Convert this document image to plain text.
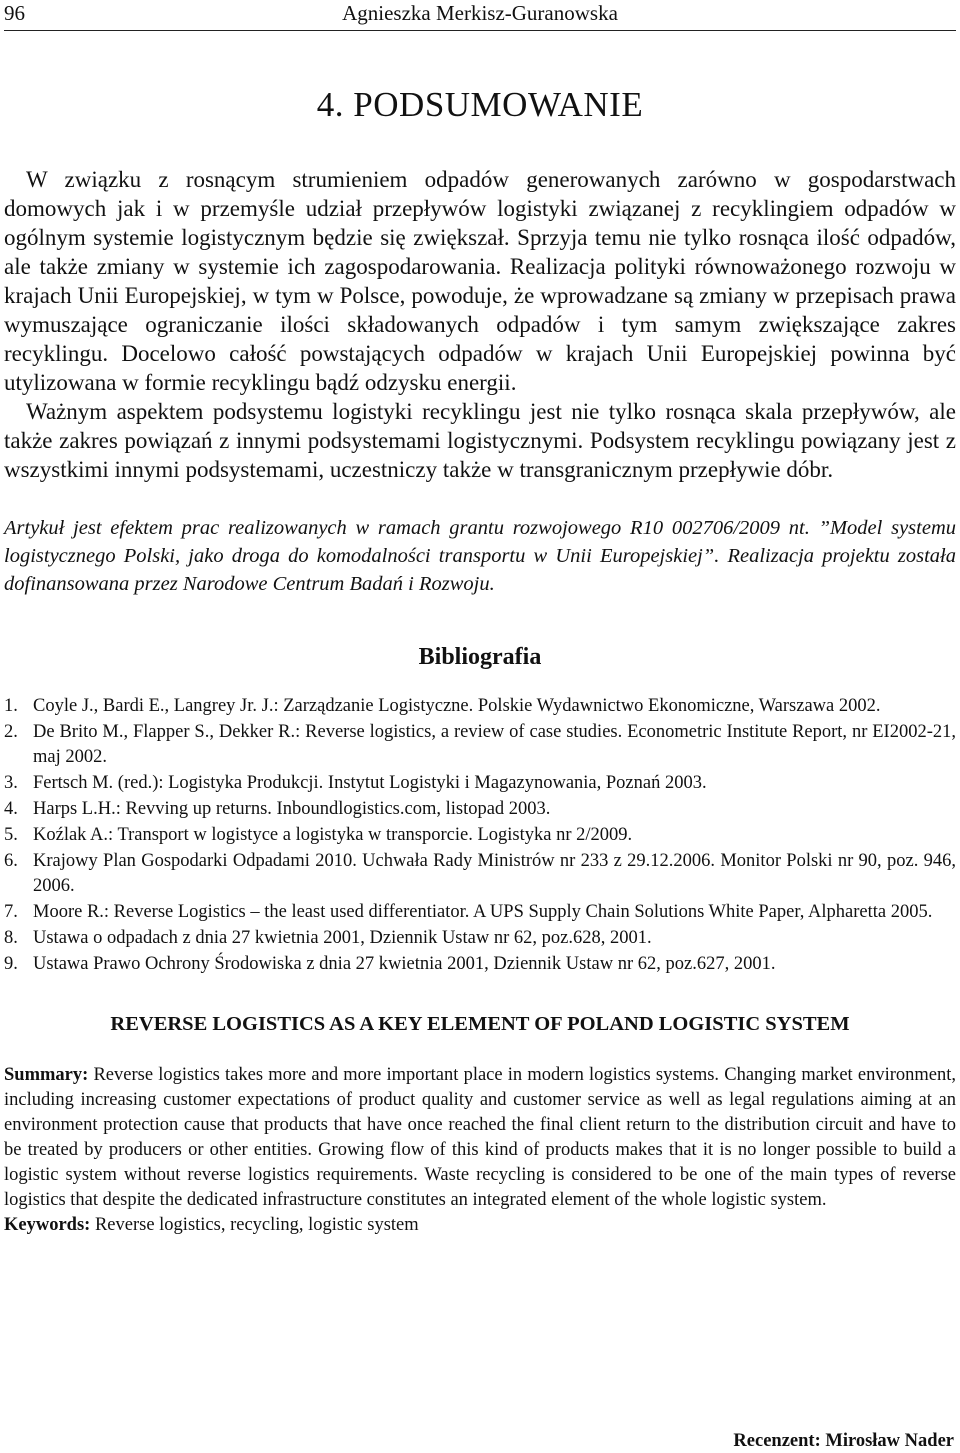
96	Agnieszka Merkisz-Guranowska
4. PODSUMOWANIE

W związku z rosnącym strumieniem odpadów generowanych zarówno w gospodarstwach domowych jak i w przemyśle udział przepływów logistyki związanej z recyklingiem odpadów w ogólnym systemie logistycznym będzie się zwiększał. Sprzyja temu nie tylko rosnąca ilość odpadów, ale także zmiany w systemie ich zagospodarowania. Realizacja polityki równoważonego rozwoju w krajach Unii Europejskiej, w tym w Polsce, powoduje, że wprowadzane są zmiany w przepisach prawa wymuszające ograniczanie ilości składowanych odpadów i tym samym zwiększające zakres recyklingu. Docelowo całość powstających odpadów w krajach Unii Europejskiej powinna być utylizowana w formie recyklingu bądź odzysku energii.

Ważnym aspektem podsystemu logistyki recyklingu jest nie tylko rosnąca skala przepływów, ale także zakres powiązań z innymi podsystemami logistycznymi. Podsystem recyklingu powiązany jest z wszystkimi innymi podsystemami, uczestniczy także w transgranicznym przepływie dóbr.

Artykuł jest efektem prac realizowanych w ramach grantu rozwojowego R10 002706/2009 nt. ”Model systemu logistycznego Polski, jako droga do komodalności transportu w Unii Europejskiej”. Realizacja projektu została dofinansowana przez Narodowe Centrum Badań i Rozwoju.

Bibliografia
1. Coyle J., Bardi E., Langrey Jr. J.: Zarządzanie Logistyczne. Polskie Wydawnictwo Ekonomiczne, Warszawa 2002.
2. De Brito M., Flapper S., Dekker R.: Reverse logistics, a review of case studies. Econometric Institute Report, nr EI2002-21, maj 2002.
3. Fertsch M. (red.): Logistyka Produkcji. Instytut Logistyki i Magazynowania, Poznań 2003.
4. Harps L.H.: Revving up returns. Inboundlogistics.com, listopad 2003.
5. Koźlak A.: Transport w logistyce a logistyka w transporcie. Logistyka nr 2/2009.
6. Krajowy Plan Gospodarki Odpadami 2010. Uchwała Rady Ministrów nr 233 z 29.12.2006. Monitor Polski nr 90, poz. 946, 2006.
7. Moore R.: Reverse Logistics – the least used differentiator. A UPS Supply Chain Solutions White Paper, Alpharetta 2005.
8. Ustawa o odpadach z dnia 27 kwietnia 2001, Dziennik Ustaw nr 62, poz.628, 2001.
9. Ustawa Prawo Ochrony Środowiska z dnia 27 kwietnia 2001, Dziennik Ustaw nr 62, poz.627, 2001.
REVERSE LOGISTICS AS A KEY ELEMENT OF POLAND LOGISTIC SYSTEM

Summary: Reverse logistics takes more and more important place in modern logistics systems. Changing market environment, including increasing customer expectations of product quality and customer service as well as legal regulations aiming at an environment protection cause that products that have once reached the final client return to the distribution circuit and have to be treated by producers or other entities. Growing flow of this kind of products makes that it is no longer possible to build a logistic system without reverse logistics requirements. Waste recycling is considered to be one of the main types of reverse logistics that despite the dedicated infrastructure constitutes an integrated element of the whole logistic system.

Keywords: Reverse logistics, recycling, logistic system

Recenzent: Mirosław Nader
